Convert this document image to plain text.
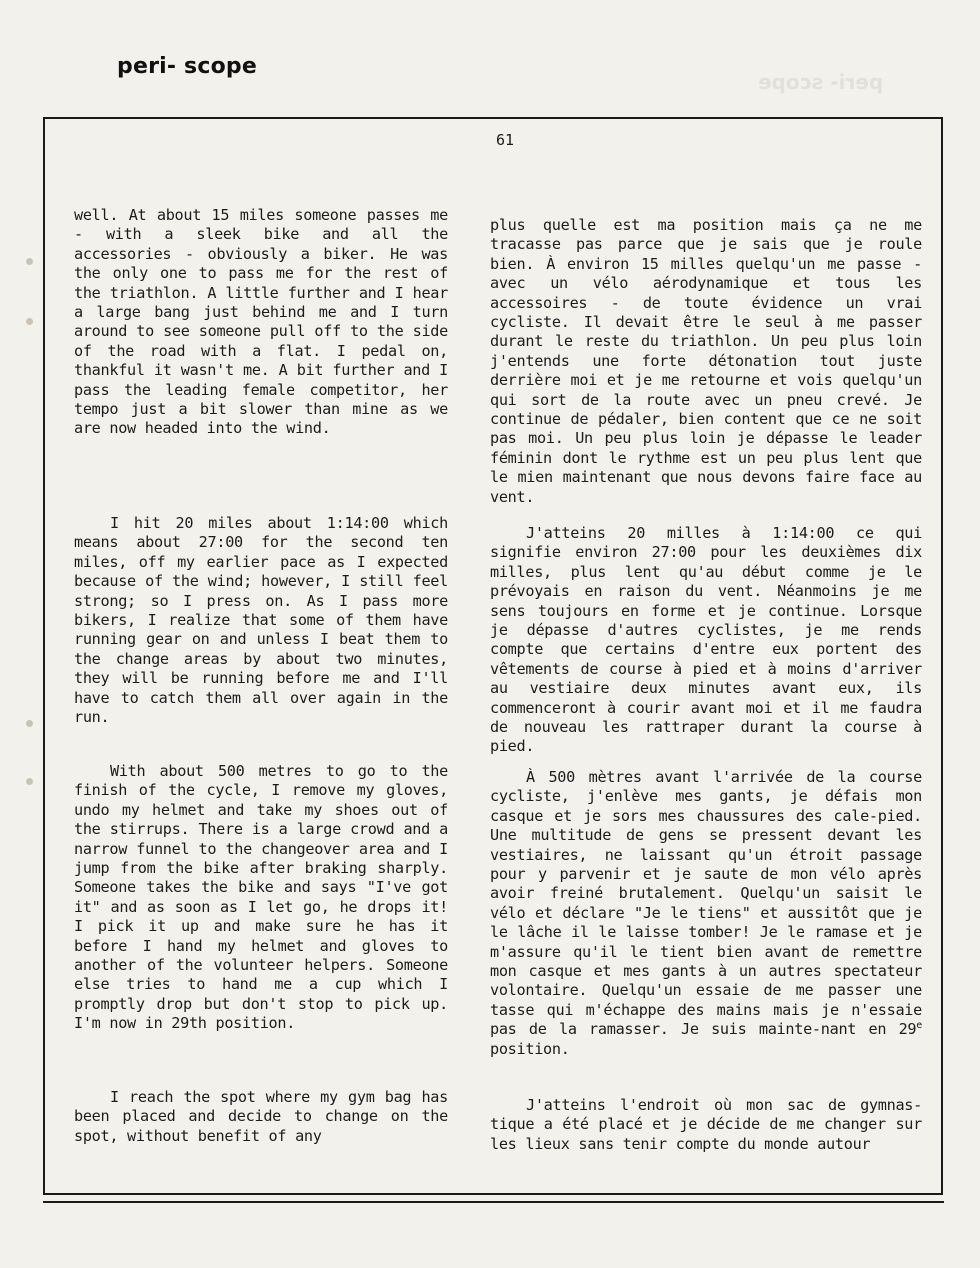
peri- scope
peri- scope
61

well. At about 15 miles someone passes me - with a sleek bike and all the accessories - obviously a biker. He was the only one to pass me for the rest of the triathlon. A little further and I hear a large bang just behind me and I turn around to see someone pull off to the side of the road with a flat. I pedal on, thankful it wasn't me. A bit further and I pass the leading female competitor, her tempo just a bit slower than mine as we are now headed into the wind.

I hit 20 miles about 1:14:00 which means about 27:00 for the second ten miles, off my earlier pace as I expected because of the wind; however, I still feel strong; so I press on. As I pass more bikers, I realize that some of them have running gear on and unless I beat them to the change areas by about two minutes, they will be running before me and I'll have to catch them all over again in the run.

With about 500 metres to go to the finish of the cycle, I remove my gloves, undo my helmet and take my shoes out of the stirrups. There is a large crowd and a narrow funnel to the changeover area and I jump from the bike after braking sharply. Someone takes the bike and says "I've got it" and as soon as I let go, he drops it! I pick it up and make sure he has it before I hand my helmet and gloves to another of the volunteer helpers. Someone else tries to hand me a cup which I promptly drop but don't stop to pick up. I'm now in 29th position.

I reach the spot where my gym bag has been placed and decide to change on the spot, without benefit of any

plus quelle est ma position mais ça ne me tracasse pas parce que je sais que je roule bien. À environ 15 milles quelqu'un me passe - avec un vélo aérodynamique et tous les accessoires - de toute évidence un vrai cycliste. Il devait être le seul à me passer durant le reste du triathlon. Un peu plus loin j'entends une forte détonation tout juste derrière moi et je me retourne et vois quelqu'un qui sort de la route avec un pneu crevé. Je continue de pédaler, bien content que ce ne soit pas moi. Un peu plus loin je dépasse le leader féminin dont le rythme est un peu plus lent que le mien maintenant que nous devons faire face au vent.

J'atteins 20 milles à 1:14:00 ce qui signifie environ 27:00 pour les deuxièmes dix milles, plus lent qu'au début comme je le prévoyais en raison du vent. Néanmoins je me sens toujours en forme et je continue. Lorsque je dépasse d'autres cyclistes, je me rends compte que certains d'entre eux portent des vêtements de course à pied et à moins d'arriver au vestiaire deux minutes avant eux, ils commenceront à courir avant moi et il me faudra de nouveau les rattraper durant la course à pied.

À 500 mètres avant l'arrivée de la course cycliste, j'enlève mes gants, je défais mon casque et je sors mes chaussures des cale-pied. Une multitude de gens se pressent devant les vestiaires, ne laissant qu'un étroit passage pour y parvenir et je saute de mon vélo après avoir freiné brutalement. Quelqu'un saisit le vélo et déclare "Je le tiens" et aussitôt que je le lâche il le laisse tomber! Je le ramase et je m'assure qu'il le tient bien avant de remettre mon casque et mes gants à un autres spectateur volontaire. Quelqu'un essaie de me passer une tasse qui m'échappe des mains mais je n'essaie pas de la ramasser. Je suis mainte-nant en 29e position.

J'atteins l'endroit où mon sac de gymnas-tique a été placé et je décide de me changer sur les lieux sans tenir compte du monde autour
